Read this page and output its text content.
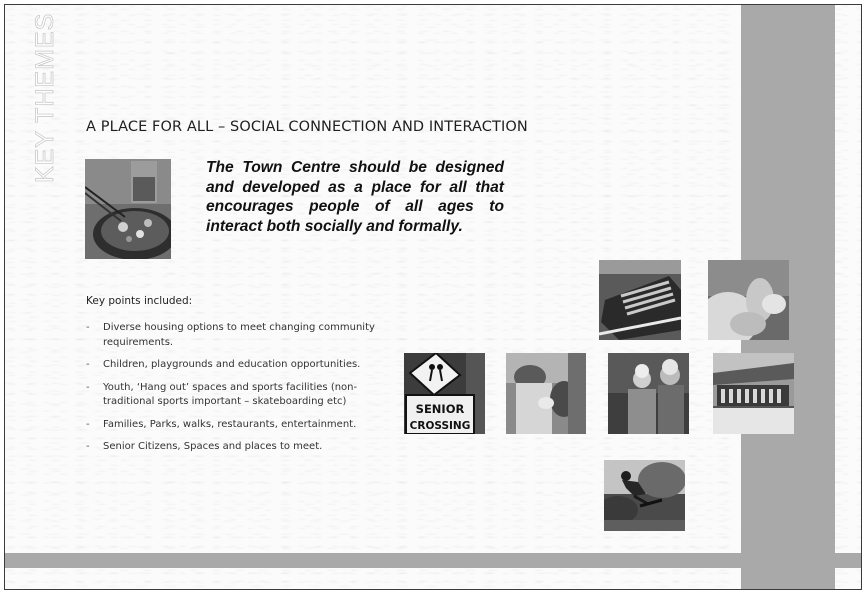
KEY THEMES A PLACE FOR ALL – SOCIAL CONNECTION AND INTERACTION
The Town Centre should be designed and developed as a place for all that encourages people of all ages to interact both socially and formally.
Key points included:
- Diverse housing options to meet changing community requirements.
- Children, playgrounds and education opportunities.
- Youth, ‘Hang out’ spaces and sports facilities (non-traditional sports important – skateboarding etc)
- Families, Parks, walks, restaurants, entertainment.
- Senior Citizens, Spaces and places to meet.
SENIOR
CROSSING
